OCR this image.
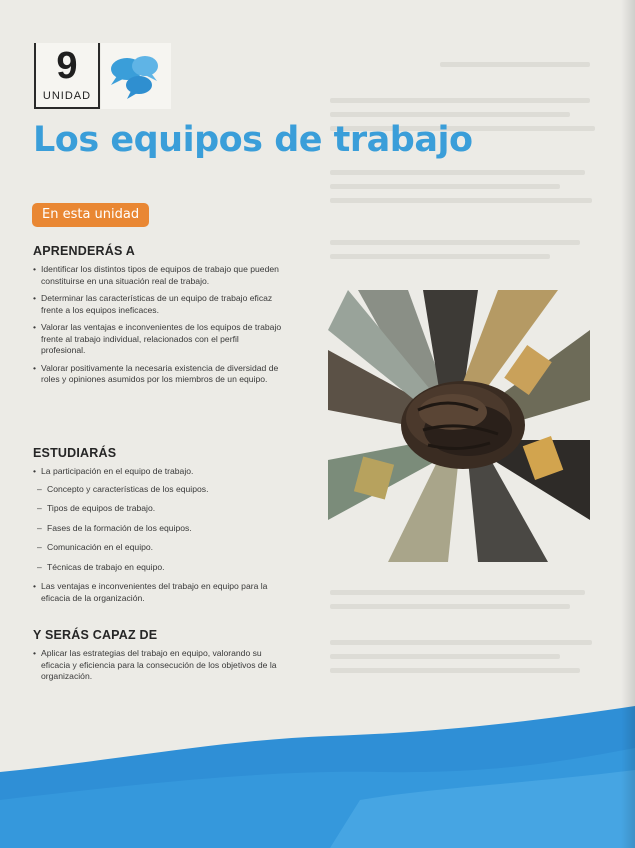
9
UNIDAD
Los equipos de trabajo
En esta unidad
APRENDERÁS A
• Identificar los distintos tipos de equipos de trabajo que pueden constituirse en una situación real de trabajo.
• Determinar las características de un equipo de trabajo eficaz frente a los equipos ineficaces.
• Valorar las ventajas e inconvenientes de los equipos de trabajo frente al trabajo individual, relacionados con el perfil profesional.
• Valorar positivamente la necesaria existencia de diversidad de roles y opiniones asumidos por los miembros de un equipo.
ESTUDIARÁS
• La participación en el equipo de trabajo.
– Concepto y características de los equipos.
– Tipos de equipos de trabajo.
– Fases de la formación de los equipos.
– Comunicación en el equipo.
– Técnicas de trabajo en equipo.
• Las ventajas e inconvenientes del trabajo en equipo para la eficacia de la organización.
Y SERÁS CAPAZ DE
• Aplicar las estrategias del trabajo en equipo, valorando su eficacia y eficiencia para la consecución de los objetivos de la organización.
